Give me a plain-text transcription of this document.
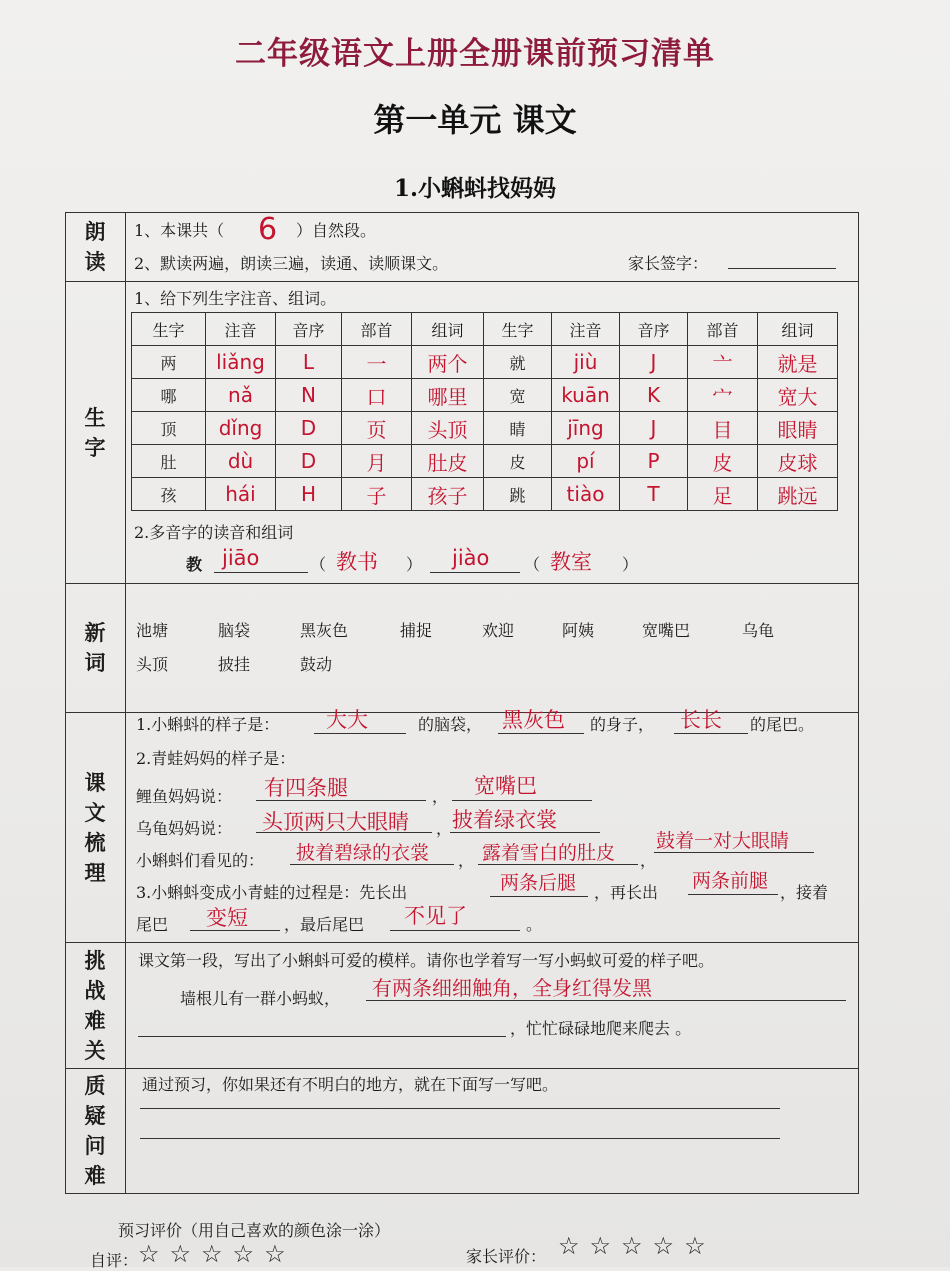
二年级语文上册全册课前预习清单
第一单元 课文
1.小蝌蚪找妈妈
朗
读
1、本课共（ 6 ）自然段。
2、默读两遍，朗读三遍，读通、读顺课文。	家长签字：
生
字
1、给下列生字注音、组词。
生字	注音	音序	部首	组词	生字	注音	音序	部首	组词
两	liǎng	L	一	两个	就	jiù	J	亠	就是
哪	nǎ	N	口	哪里	宽	kuān	K	宀	宽大
顶	dǐng	D	页	头顶	睛	jīng	J	目	眼睛
肚	dù	D	月	肚皮	皮	pí	P	皮	皮球
孩	hái	H	子	孩子	跳	tiào	T	足	跳远
2.多音字的读音和组词
教 jiāo	（ 教书 ） jiào （ 教室 ）
新
词
池塘	脑袋	黑灰色	捕捉	欢迎	阿姨	宽嘴巴	乌龟
头顶	披挂	鼓动
课
文
梳
理
1.小蝌蚪的样子是： 大大	的脑袋， 黑灰色 的身子， 长长 的尾巴。
2.青蛙妈妈的样子是：
鲤鱼妈妈说： 有四条腿	， 宽嘴巴
乌龟妈妈说： 头顶两只大眼睛 ， 披着绿衣裳
小蝌蚪们看见的： 披着碧绿的衣裳 ， 露着雪白的肚皮 ，
鼓着一对大眼睛
3.小蝌蚪变成小青蛙的过程是：先长出	两条后腿 ，再长出
两条前腿
，接着
尾巴 变短 ，最后尾巴 不见了	。
挑
战
难
关
课文第一段，写出了小蝌蚪可爱的模样。请你也学着写一写小蚂蚁可爱的样子吧。
墙根儿有一群小蚂蚁， 有两条细细触角，全身红得发黑
，忙忙碌碌地爬来爬去 。
质
疑
问
难
通过预习，你如果还有不明白的地方，就在下面写一写吧。
预习评价（用自己喜欢的颜色涂一涂）
自评： ☆☆☆☆☆	家长评价： ☆☆☆☆☆
